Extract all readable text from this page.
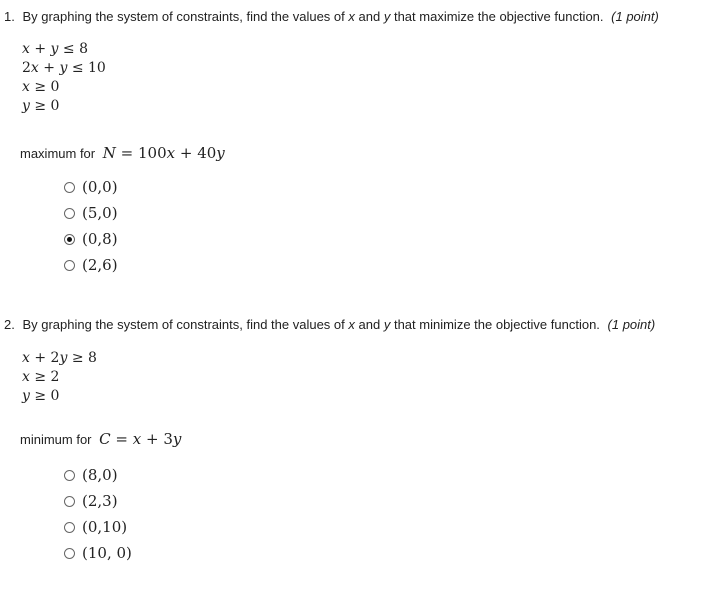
1. By graphing the system of constraints, find the values of x and y that maximize the objective function. (1 point)
x + y ≤ 8
2x + y ≤ 10
x ≥ 0
y ≥ 0
maximum for N = 100x + 40y
(0,0)
(5,0)
(0,8)
(2,6)
2. By graphing the system of constraints, find the values of x and y that minimize the objective function. (1 point)
x + 2y ≥ 8
x ≥ 2
y ≥ 0
minimum for C = x + 3y
(8,0)
(2,3)
(0,10)
(10, 0)
